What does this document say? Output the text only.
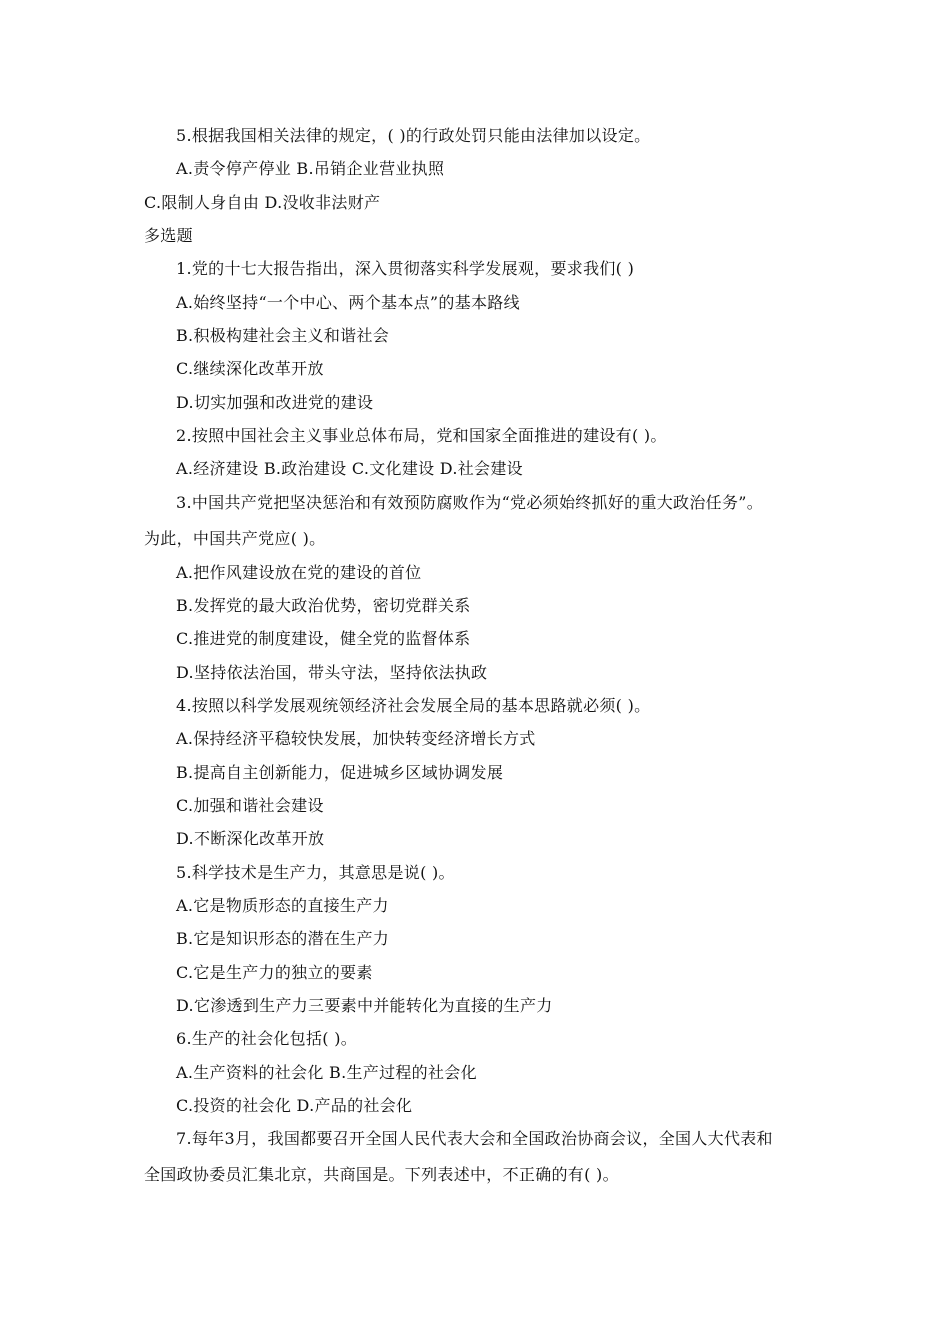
5.根据我国相关法律的规定，( )的行政处罚只能由法律加以设定。
A.责令停产停业 B.吊销企业营业执照
C.限制人身自由 D.没收非法财产
多选题
1.党的十七大报告指出，深入贯彻落实科学发展观，要求我们( )
A.始终坚持“一个中心、两个基本点”的基本路线
B.积极构建社会主义和谐社会
C.继续深化改革开放
D.切实加强和改进党的建设
2.按照中国社会主义事业总体布局，党和国家全面推进的建设有( )。
A.经济建设 B.政治建设 C.文化建设 D.社会建设
3.中国共产党把坚决惩治和有效预防腐败作为“党必须始终抓好的重大政治任务”。
为此，中国共产党应( )。
A.把作风建设放在党的建设的首位
B.发挥党的最大政治优势，密切党群关系
C.推进党的制度建设，健全党的监督体系
D.坚持依法治国，带头守法，坚持依法执政
4.按照以科学发展观统领经济社会发展全局的基本思路就必须( )。
A.保持经济平稳较快发展，加快转变经济增长方式
B.提高自主创新能力，促进城乡区域协调发展
C.加强和谐社会建设
D.不断深化改革开放
5.科学技术是生产力，其意思是说( )。
A.它是物质形态的直接生产力
B.它是知识形态的潜在生产力
C.它是生产力的独立的要素
D.它渗透到生产力三要素中并能转化为直接的生产力
6.生产的社会化包括( )。
A.生产资料的社会化 B.生产过程的社会化
C.投资的社会化 D.产品的社会化
7.每年3月，我国都要召开全国人民代表大会和全国政治协商会议，全国人大代表和
全国政协委员汇集北京，共商国是。下列表述中，不正确的有( )。
